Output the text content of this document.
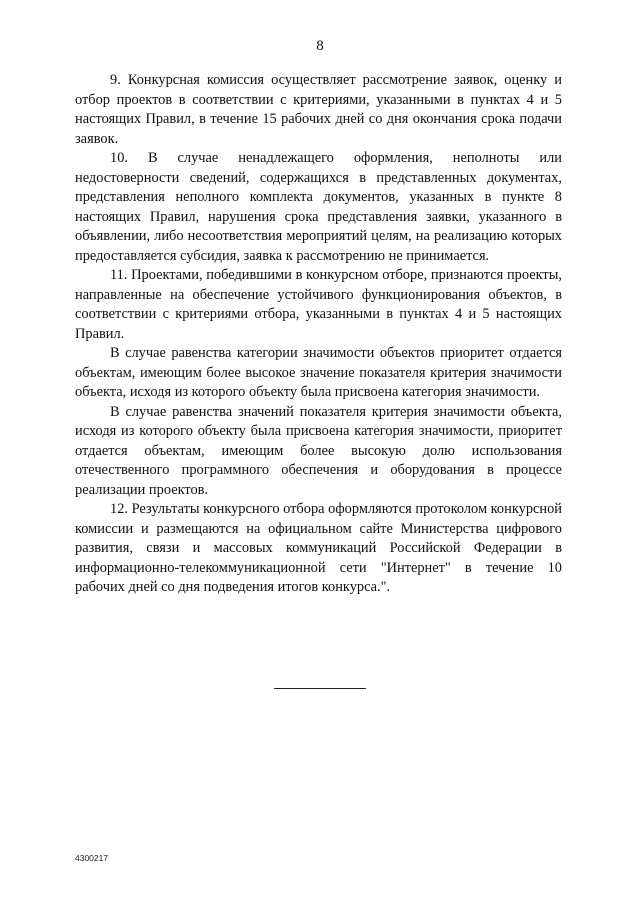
8

9. Конкурсная комиссия осуществляет рассмотрение заявок, оценку и отбор проектов в соответствии с критериями, указанными в пунктах 4 и 5 настоящих Правил, в течение 15 рабочих дней со дня окончания срока подачи заявок.

10. В случае ненадлежащего оформления, неполноты или недостоверности сведений, содержащихся в представленных документах, представления неполного комплекта документов, указанных в пункте 8 настоящих Правил, нарушения срока представления заявки, указанного в объявлении, либо несоответствия мероприятий целям, на реализацию которых предоставляется субсидия, заявка к рассмотрению не принимается.

11. Проектами, победившими в конкурсном отборе, признаются проекты, направленные на обеспечение устойчивого функционирования объектов, в соответствии с критериями отбора, указанными в пунктах 4 и 5 настоящих Правил.

В случае равенства категории значимости объектов приоритет отдается объектам, имеющим более высокое значение показателя критерия значимости объекта, исходя из которого объекту была присвоена категория значимости.

В случае равенства значений показателя критерия значимости объекта, исходя из которого объекту была присвоена категория значимости, приоритет отдается объектам, имеющим более высокую долю использования отечественного программного обеспечения и оборудования в процессе реализации проектов.

12. Результаты конкурсного отбора оформляются протоколом конкурсной комиссии и размещаются на официальном сайте Министерства цифрового развития, связи и массовых коммуникаций Российской Федерации в информационно-телекоммуникационной сети "Интернет" в течение 10 рабочих дней со дня подведения итогов конкурса.".

4300217
